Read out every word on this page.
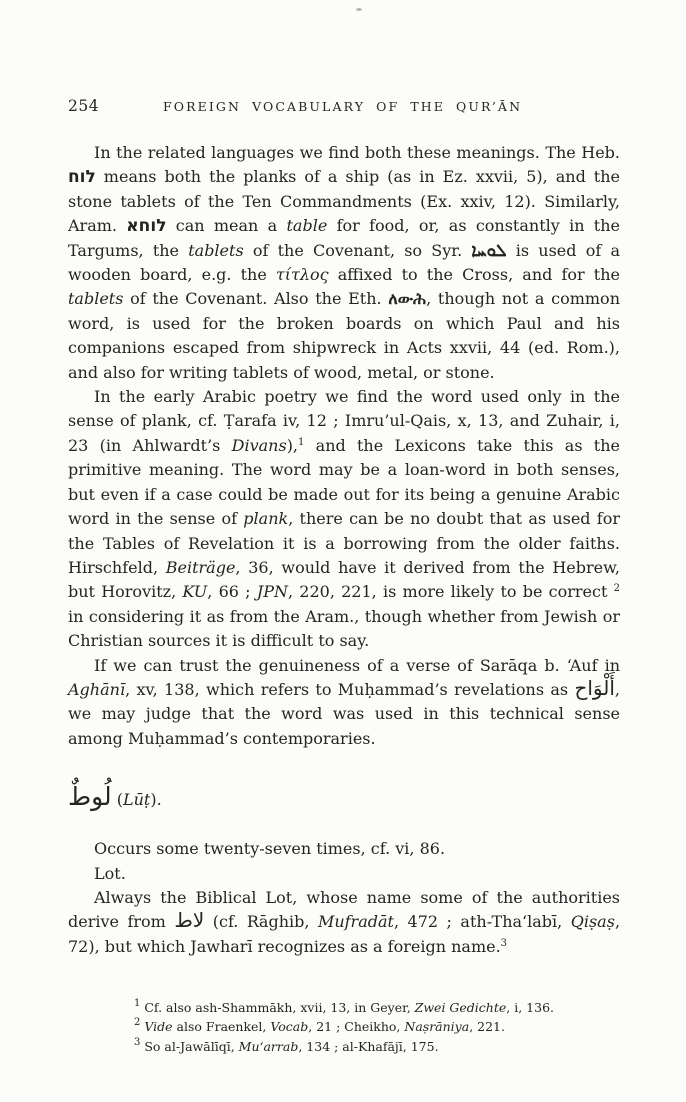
254	FOREIGN VOCABULARY OF THE QUR’ĀN

In the related languages we find both these meanings. The Heb. לוח means both the planks of a ship (as in Ez. xxvii, 5), and the stone tablets of the Ten Commandments (Ex. xxiv, 12). Similarly, Aram. לוחא can mean a table for food, or, as constantly in the Targums, the tablets of the Covenant, so Syr. ܠܘܚܐ is used of a wooden board, e.g. the τίτλος affixed to the Cross, and for the tablets of the Covenant. Also the Eth. ለውሕ, though not a common word, is used for the broken boards on which Paul and his companions escaped from shipwreck in Acts xxvii, 44 (ed. Rom.), and also for writing tablets of wood, metal, or stone.

In the early Arabic poetry we find the word used only in the sense of plank, cf. Ṭarafa iv, 12 ; Imru’ul-Qais, x, 13, and Zuhair, i, 23 (in Ahlwardt’s Divans),$^1$ and the Lexicons take this as the primitive meaning. The word may be a loan-word in both senses, but even if a case could be made out for its being a genuine Arabic word in the sense of plank, there can be no doubt that as used for the Tables of Revelation it is a borrowing from the older faiths. Hirschfeld, Beiträge, 36, would have it derived from the Hebrew, but Horovitz, KU, 66 ; JPN, 220, 221, is more likely to be correct $^2$ in considering it as from the Aram., though whether from Jewish or Christian sources it is difficult to say.

If we can trust the genuineness of a verse of Sarāqa b. ‘Auf in Aghānī, xv, 138, which refers to Muḥammad’s revelations as أَلْوَاح, we may judge that the word was used in this technical sense among Muḥammad’s contemporaries.

لُوطٌ (Lūṭ).

Occurs some twenty-seven times, cf. vi, 86.

Lot.

Always the Biblical Lot, whose name some of the authorities derive from لاط (cf. Rāghib, Mufradāt, 472 ; ath-Tha‘labī, Qiṣaṣ, 72), but which Jawharī recognizes as a foreign name.$^3$

$^1$ Cf. also ash-Shammākh, xvii, 13, in Geyer, Zwei Gedichte, i, 136.

$^2$ Vide also Fraenkel, Vocab, 21 ; Cheikho, Naṣrāniya, 221.

$^3$ So al-Jawālīqī, Mu‘arrab, 134 ; al-Khafājī, 175.
